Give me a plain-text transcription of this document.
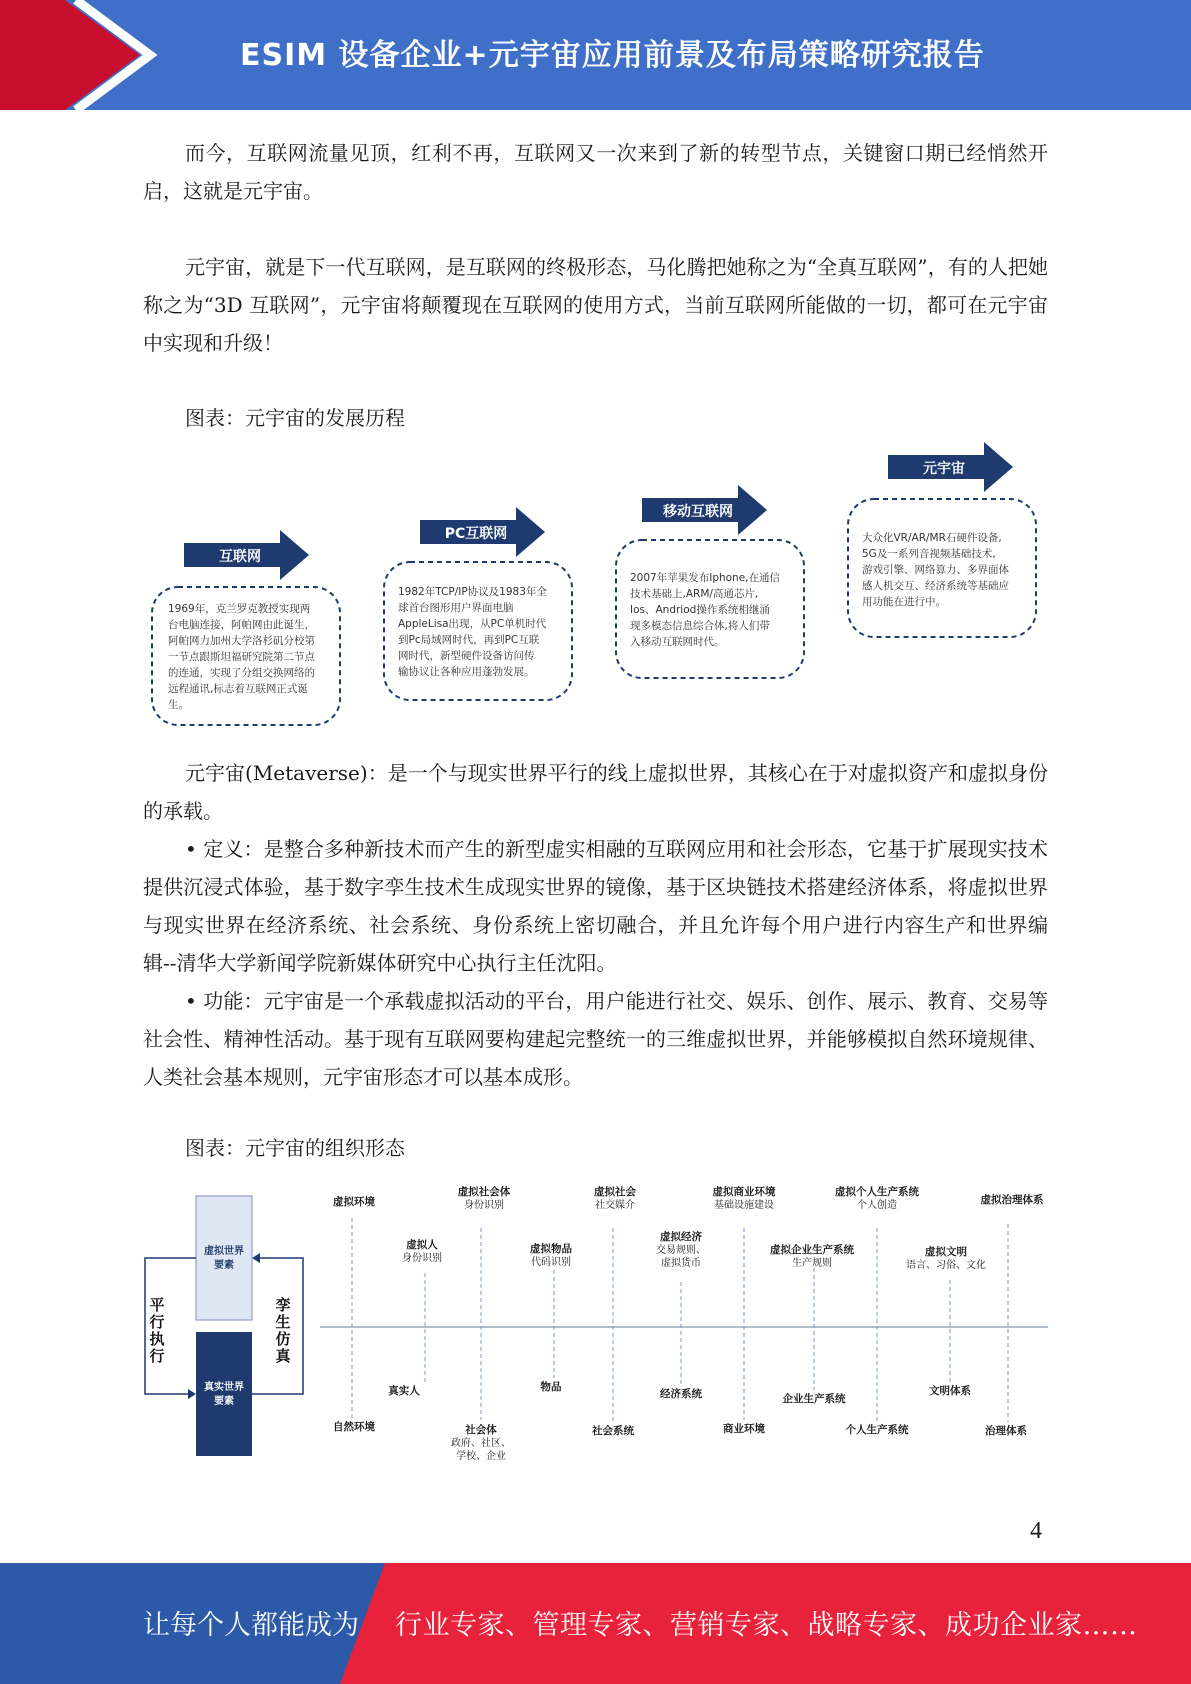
ESIM 设备企业+元宇宙应用前景及布局策略研究报告

而今，互联网流量见顶，红利不再，互联网又一次来到了新的转型节点，关键窗口期已经悄然开启，这就是元宇宙。

元宇宙，就是下一代互联网，是互联网的终极形态，马化腾把她称之为“全真互联网”，有的人把她称之为“3D 互联网”，元宇宙将颠覆现在互联网的使用方式，当前互联网所能做的一切，都可在元宇宙中实现和升级！

图表：元宇宙的发展历程

互联网
1969年，克兰罗克教授实现两
台电脑连接，阿帕网由此诞生，
阿帕网力加州大学洛杉矶分校第
一节点跟斯坦福研究院第二节点
的连通，实现了分组交换网络的
远程通讯,标志着互联网正式诞
生。
PC互联网
1982年TCP/IP协议及1983年全
球首台图形用户界面电脑
AppleLisa出现，从PC单机时代
到Pc局域网时代，再到PC互联
网时代，新型硬件设备访问传
输协议让各种应用蓬勃发展。
移动互联网
2007年苹果发布Iphone,在通信
技术基础上,ARM/高通芯片,
Ios、Andriod操作系统相继涌
现多模态信息综合体,将人们带
入移动互联网时代。
元宇宙
大众化VR/AR/MR石硬件设备,
5G及一系列音视频基础技术,
游戏引擎、网络算力、多界面体
感人机交互、经济系统等基础应
用功能在进行中。

元宇宙(Metaverse)：是一个与现实世界平行的线上虚拟世界，其核心在于对虚拟资产和虚拟身份的承载。

• 定义：是整合多种新技术而产生的新型虚实相融的互联网应用和社会形态，它基于扩展现实技术提供沉浸式体验，基于数字孪生技术生成现实世界的镜像，基于区块链技术搭建经济体系，将虚拟世界与现实世界在经济系统、社会系统、身份系统上密切融合，并且允许每个用户进行内容生产和世界编辑--清华大学新闻学院新媒体研究中心执行主任沈阳。

• 功能：元宇宙是一个承载虚拟活动的平台，用户能进行社交、娱乐、创作、展示、教育、交易等社会性、精神性活动。基于现有互联网要构建起完整统一的三维虚拟世界，并能够模拟自然环境规律、人类社会基本规则，元宇宙形态才可以基本成形。

图表：元宇宙的组织形态

虚拟世界
要素
真实世界
要素
平
行
执
行
孪
生
仿
真
虚拟环境
虚拟人
身份识别
虚拟社会体
身份识别
虚拟物品
代码识别
虚拟社会
社交媒介
虚拟经济
交易规则、
虚拟货币
虚拟商业环境
基础设施建设
虚拟企业生产系统
生产规则
虚拟个人生产系统
个人创造
虚拟文明
语言、习俗、文化
虚拟治理体系
自然环境
真实人
社会体
政府、社区、
学校、企业
物品
社会系统
经济系统
商业环境
企业生产系统
个人生产系统
文明体系
治理体系
4
让每个人都能成为 行业专家、管理专家、营销专家、战略专家、成功企业家……
